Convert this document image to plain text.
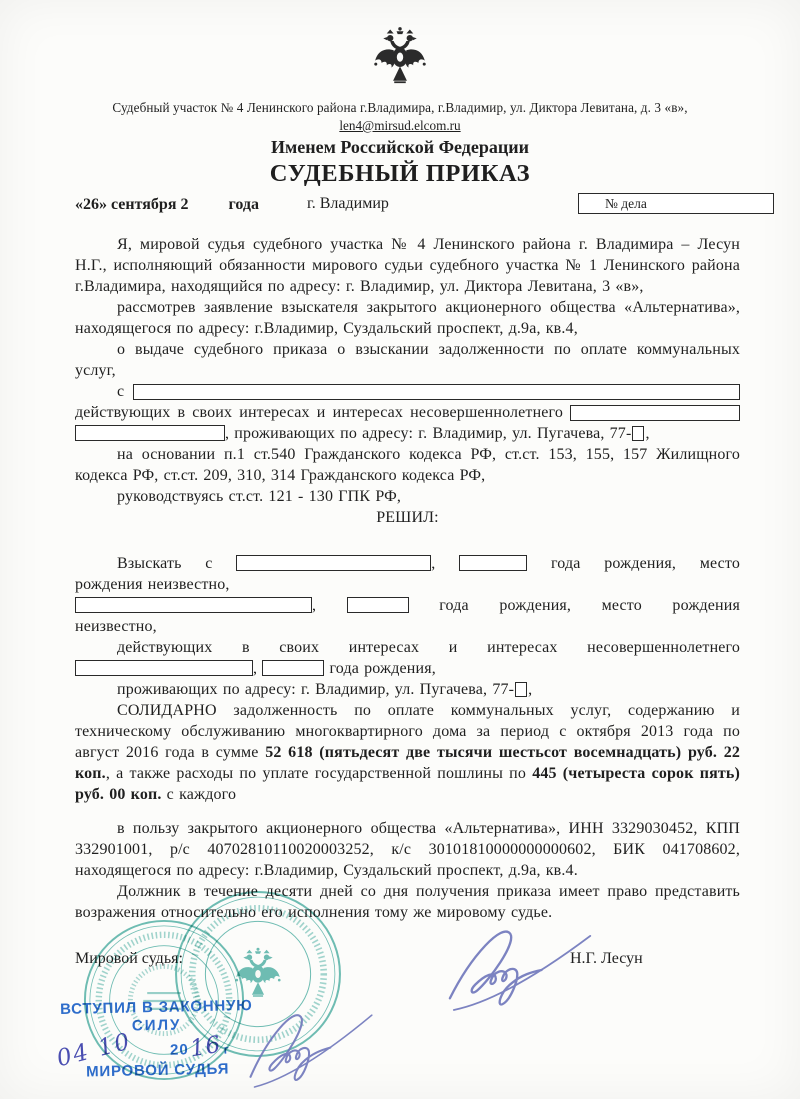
Судебный участок № 4 Ленинского района г.Владимира, г.Владимир, ул. Диктора Левитана, д. 3 «в»,
len4@mirsud.elcom.ru
Именем Российской Федерации
СУДЕБНЫЙ ПРИКАЗ
«26» сентября 2	года	г. Владимир	№ дела

Я, мировой судья судебного участка № 4 Ленинского района г. Владимира – Лесун Н.Г., исполняющий обязанности мирового судьи судебного участка № 1 Ленинского района г.Владимира, находящийся по адресу: г. Владимир, ул. Диктора Левитана, 3 «в»,

рассмотрев заявление взыскателя закрытого акционерного общества «Альтернатива», находящегося по адресу: г.Владимир, Суздальский проспект, д.9а, кв.4,

о выдаче судебного приказа о взыскании задолженности по оплате коммунальных услуг,

с
действующих в своих интересах и интересах несовершеннолетнего
, проживающих по адресу: г. Владимир, ул. Пугачева, 77- ,

на основании п.1 ст.540 Гражданского кодекса РФ, ст.ст. 153, 155, 157 Жилищного кодекса РФ, ст.ст. 209, 310, 314 Гражданского кодекса РФ,

руководствуясь ст.ст. 121 - 130 ГПК РФ,

РЕШИЛ:

Взыскать с	,	года рождения, место
рождения неизвестно,
,	года рождения, место рождения
неизвестно,
действующих в своих интересах и интересах несовершеннолетнего
,	года рождения,
проживающих по адресу: г. Владимир, ул. Пугачева, 77- ,

СОЛИДАРНО задолженность по оплате коммунальных услуг, содержанию и техническому обслуживанию многоквартирного дома за период с октября 2013 года по август 2016 года в сумме 52 618 (пятьдесят две тысячи шестьсот восемнадцать) руб. 22 коп., а также расходы по уплате государственной пошлины по 445 (четыреста сорок пять) руб. 00 коп. с каждого

в пользу закрытого акционерного общества «Альтернатива», ИНН 3329030452, КПП 332901001, р/с 40702810110020003252, к/с 30101810000000000602, БИК 041708602, находящегося по адресу: г.Владимир, Суздальский проспект, д.9а, кв.4.

Должник в течение десяти дней со дня получения приказа имеет право представить возражения относительно его исполнения тому же мировому судье.

Мировой судья:	Н.Г. Лесун
ВСТУПИЛ В ЗАКОННУЮ
СИЛУ
04 10 20
16 г
МИРОВОЙ СУДЬЯ
